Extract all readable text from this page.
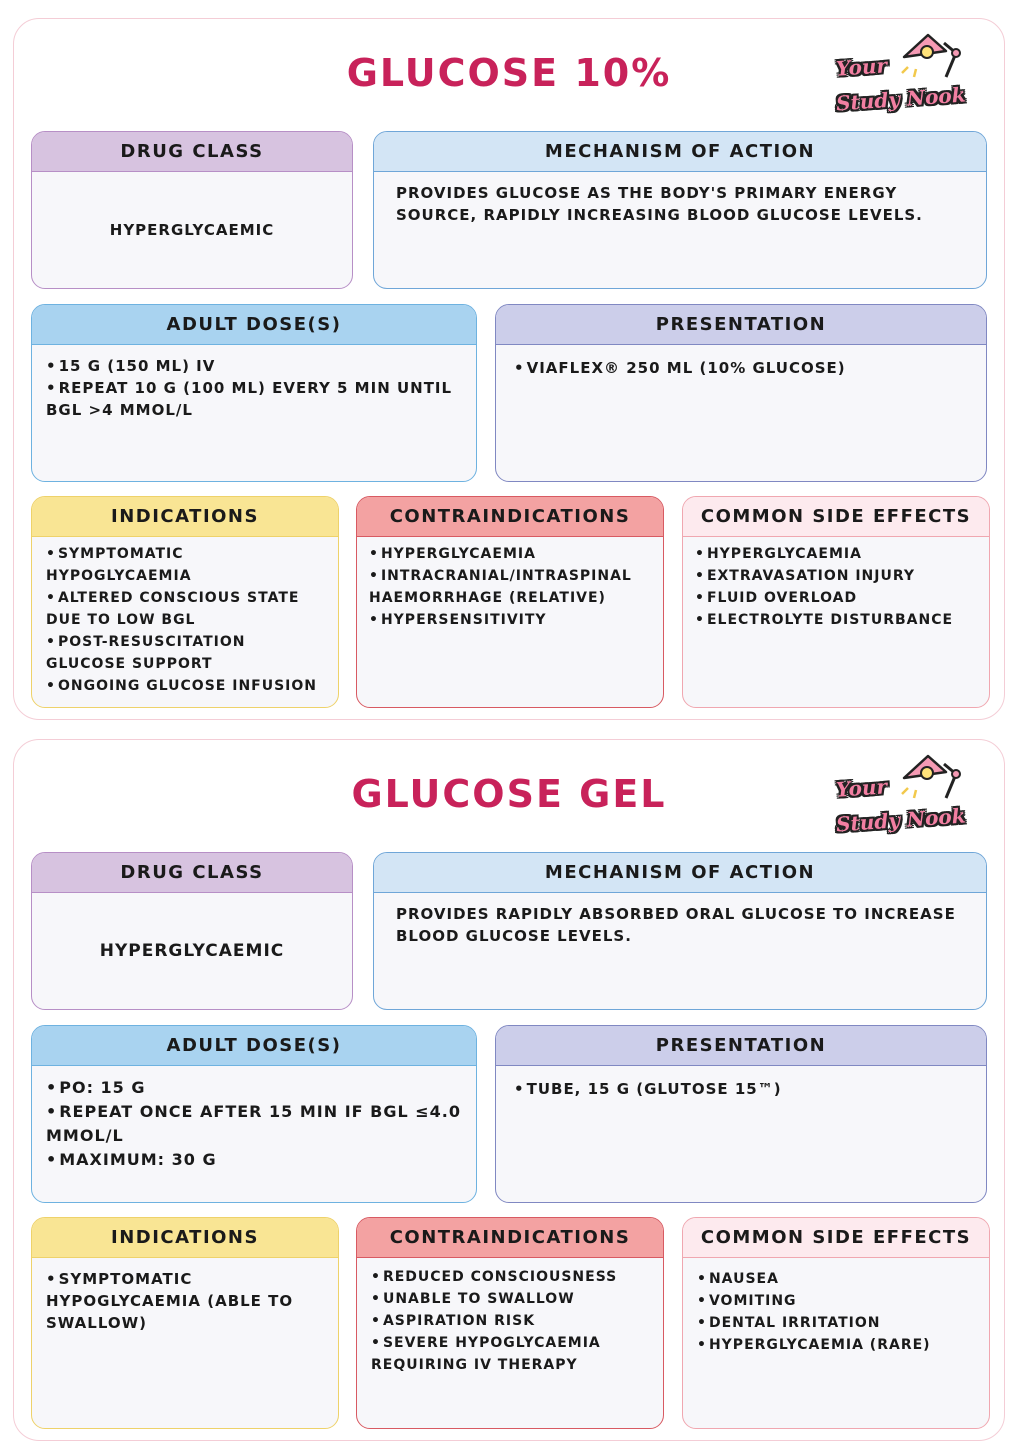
GLUCOSE 10%	Your
Study Nook
DRUG CLASS
HYPERGLYCAEMIC
MECHANISM OF ACTION
PROVIDES GLUCOSE AS THE BODY'S PRIMARY ENERGY SOURCE, RAPIDLY INCREASING BLOOD GLUCOSE LEVELS.
ADULT DOSE(S)
• 15 G (150 ML) IV
• REPEAT 10 G (100 ML) EVERY 5 MIN UNTIL BGL >4 MMOL/L
PRESENTATION
• VIAFLEX® 250 ML (10% GLUCOSE)
INDICATIONS
• SYMPTOMATIC HYPOGLYCAEMIA
• ALTERED CONSCIOUS STATE DUE TO LOW BGL
• POST-RESUSCITATION GLUCOSE SUPPORT
• ONGOING GLUCOSE INFUSION
CONTRAINDICATIONS
• HYPERGLYCAEMIA
• INTRACRANIAL/INTRASPINAL HAEMORRHAGE (RELATIVE)
• HYPERSENSITIVITY
COMMON SIDE EFFECTS
• HYPERGLYCAEMIA
• EXTRAVASATION INJURY
• FLUID OVERLOAD
• ELECTROLYTE DISTURBANCE
GLUCOSE GEL	Your
Study Nook
DRUG CLASS
HYPERGLYCAEMIC
MECHANISM OF ACTION
PROVIDES RAPIDLY ABSORBED ORAL GLUCOSE TO INCREASE BLOOD GLUCOSE LEVELS.
ADULT DOSE(S)
• PO: 15 G
• REPEAT ONCE AFTER 15 MIN IF BGL ≤4.0 MMOL/L
• MAXIMUM: 30 G
PRESENTATION
• TUBE, 15 G (GLUTOSE 15™)
INDICATIONS
• SYMPTOMATIC HYPOGLYCAEMIA (ABLE TO SWALLOW)
CONTRAINDICATIONS
• REDUCED CONSCIOUSNESS
• UNABLE TO SWALLOW
• ASPIRATION RISK
• SEVERE HYPOGLYCAEMIA REQUIRING IV THERAPY
COMMON SIDE EFFECTS
• NAUSEA
• VOMITING
• DENTAL IRRITATION
• HYPERGLYCAEMIA (RARE)
